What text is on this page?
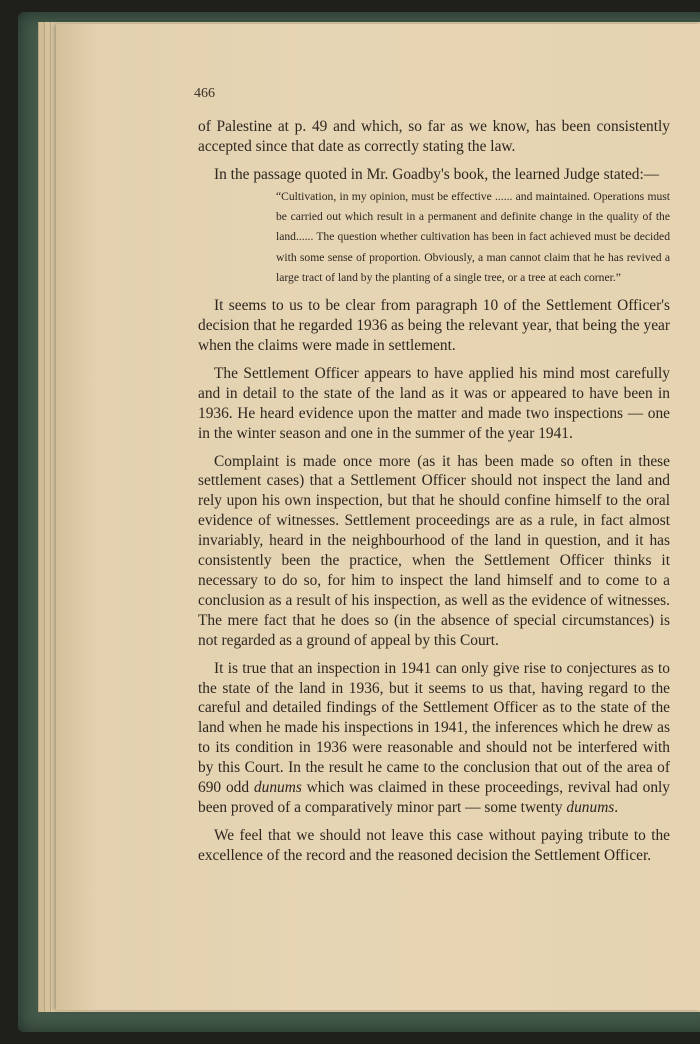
466

of Palestine at p. 49 and which, so far as we know, has been consistently accepted since that date as correctly stating the law.

In the passage quoted in Mr. Goadby's book, the learned Judge stated:—

“Cultivation, in my opinion, must be effective ...... and maintained. Operations must be carried out which result in a permanent and definite change in the quality of the land...... The question whether cultivation has been in fact achieved must be decided with some sense of proportion. Obviously, a man cannot claim that he has revived a large tract of land by the planting of a single tree, or a tree at each corner.”

It seems to us to be clear from paragraph 10 of the Settlement Officer's decision that he regarded 1936 as being the relevant year, that being the year when the claims were made in settlement.

The Settlement Officer appears to have applied his mind most carefully and in detail to the state of the land as it was or appeared to have been in 1936. He heard evidence upon the matter and made two inspections — one in the winter season and one in the summer of the year 1941.

Complaint is made once more (as it has been made so often in these settlement cases) that a Settlement Officer should not inspect the land and rely upon his own inspection, but that he should confine himself to the oral evidence of witnesses. Settlement proceedings are as a rule, in fact almost invariably, heard in the neighbourhood of the land in question, and it has consistently been the practice, when the Settlement Officer thinks it necessary to do so, for him to inspect the land himself and to come to a conclusion as a result of his inspection, as well as the evidence of witnesses. The mere fact that he does so (in the absence of special circumstances) is not regarded as a ground of appeal by this Court.

It is true that an inspection in 1941 can only give rise to conjectures as to the state of the land in 1936, but it seems to us that, having regard to the careful and detailed findings of the Settlement Officer as to the state of the land when he made his inspections in 1941, the inferences which he drew as to its condition in 1936 were reasonable and should not be interfered with by this Court. In the result he came to the conclusion that out of the area of 690 odd dunums which was claimed in these proceedings, revival had only been proved of a comparatively minor part — some twenty dunums.

We feel that we should not leave this case without paying tribute to the excellence of the record and the reasoned decision the Settlement Officer.
